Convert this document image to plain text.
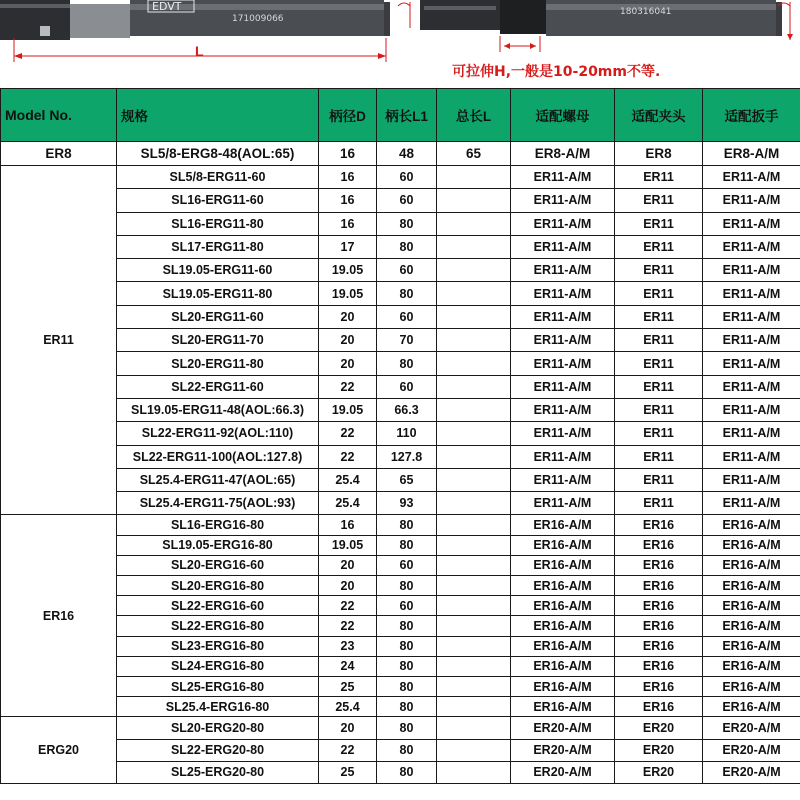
EDVT
171009066
180316041
L
可拉伸H,一般是10-20mm不等.
Model No.	规格	柄径D	柄长L1	总长L	适配螺母	适配夹头	适配扳手
ER8	SL5/8-ERG8-48(AOL:65)	16	48	65	ER8-A/M	ER8	ER8-A/M
ER11	SL5/8-ERG11-60	16	60		ER11-A/M	ER11	ER11-A/M
	SL16-ERG11-60	16	60		ER11-A/M	ER11	ER11-A/M
	SL16-ERG11-80	16	80		ER11-A/M	ER11	ER11-A/M
	SL17-ERG11-80	17	80		ER11-A/M	ER11	ER11-A/M
	SL19.05-ERG11-60	19.05	60		ER11-A/M	ER11	ER11-A/M
	SL19.05-ERG11-80	19.05	80		ER11-A/M	ER11	ER11-A/M
	SL20-ERG11-60	20	60		ER11-A/M	ER11	ER11-A/M
	SL20-ERG11-70	20	70		ER11-A/M	ER11	ER11-A/M
	SL20-ERG11-80	20	80		ER11-A/M	ER11	ER11-A/M
	SL22-ERG11-60	22	60		ER11-A/M	ER11	ER11-A/M
	SL19.05-ERG11-48(AOL:66.3)	19.05	66.3		ER11-A/M	ER11	ER11-A/M
	SL22-ERG11-92(AOL:110)	22	110		ER11-A/M	ER11	ER11-A/M
	SL22-ERG11-100(AOL:127.8)	22	127.8		ER11-A/M	ER11	ER11-A/M
	SL25.4-ERG11-47(AOL:65)	25.4	65		ER11-A/M	ER11	ER11-A/M
	SL25.4-ERG11-75(AOL:93)	25.4	93		ER11-A/M	ER11	ER11-A/M
ER16	SL16-ERG16-80	16	80		ER16-A/M	ER16	ER16-A/M
	SL19.05-ERG16-80	19.05	80		ER16-A/M	ER16	ER16-A/M
	SL20-ERG16-60	20	60		ER16-A/M	ER16	ER16-A/M
	SL20-ERG16-80	20	80		ER16-A/M	ER16	ER16-A/M
	SL22-ERG16-60	22	60		ER16-A/M	ER16	ER16-A/M
	SL22-ERG16-80	22	80		ER16-A/M	ER16	ER16-A/M
	SL23-ERG16-80	23	80		ER16-A/M	ER16	ER16-A/M
	SL24-ERG16-80	24	80		ER16-A/M	ER16	ER16-A/M
	SL25-ERG16-80	25	80		ER16-A/M	ER16	ER16-A/M
	SL25.4-ERG16-80	25.4	80		ER16-A/M	ER16	ER16-A/M
ERG20	SL20-ERG20-80	20	80		ER20-A/M	ER20	ER20-A/M
	SL22-ERG20-80	22	80		ER20-A/M	ER20	ER20-A/M
	SL25-ERG20-80	25	80		ER20-A/M	ER20	ER20-A/M
